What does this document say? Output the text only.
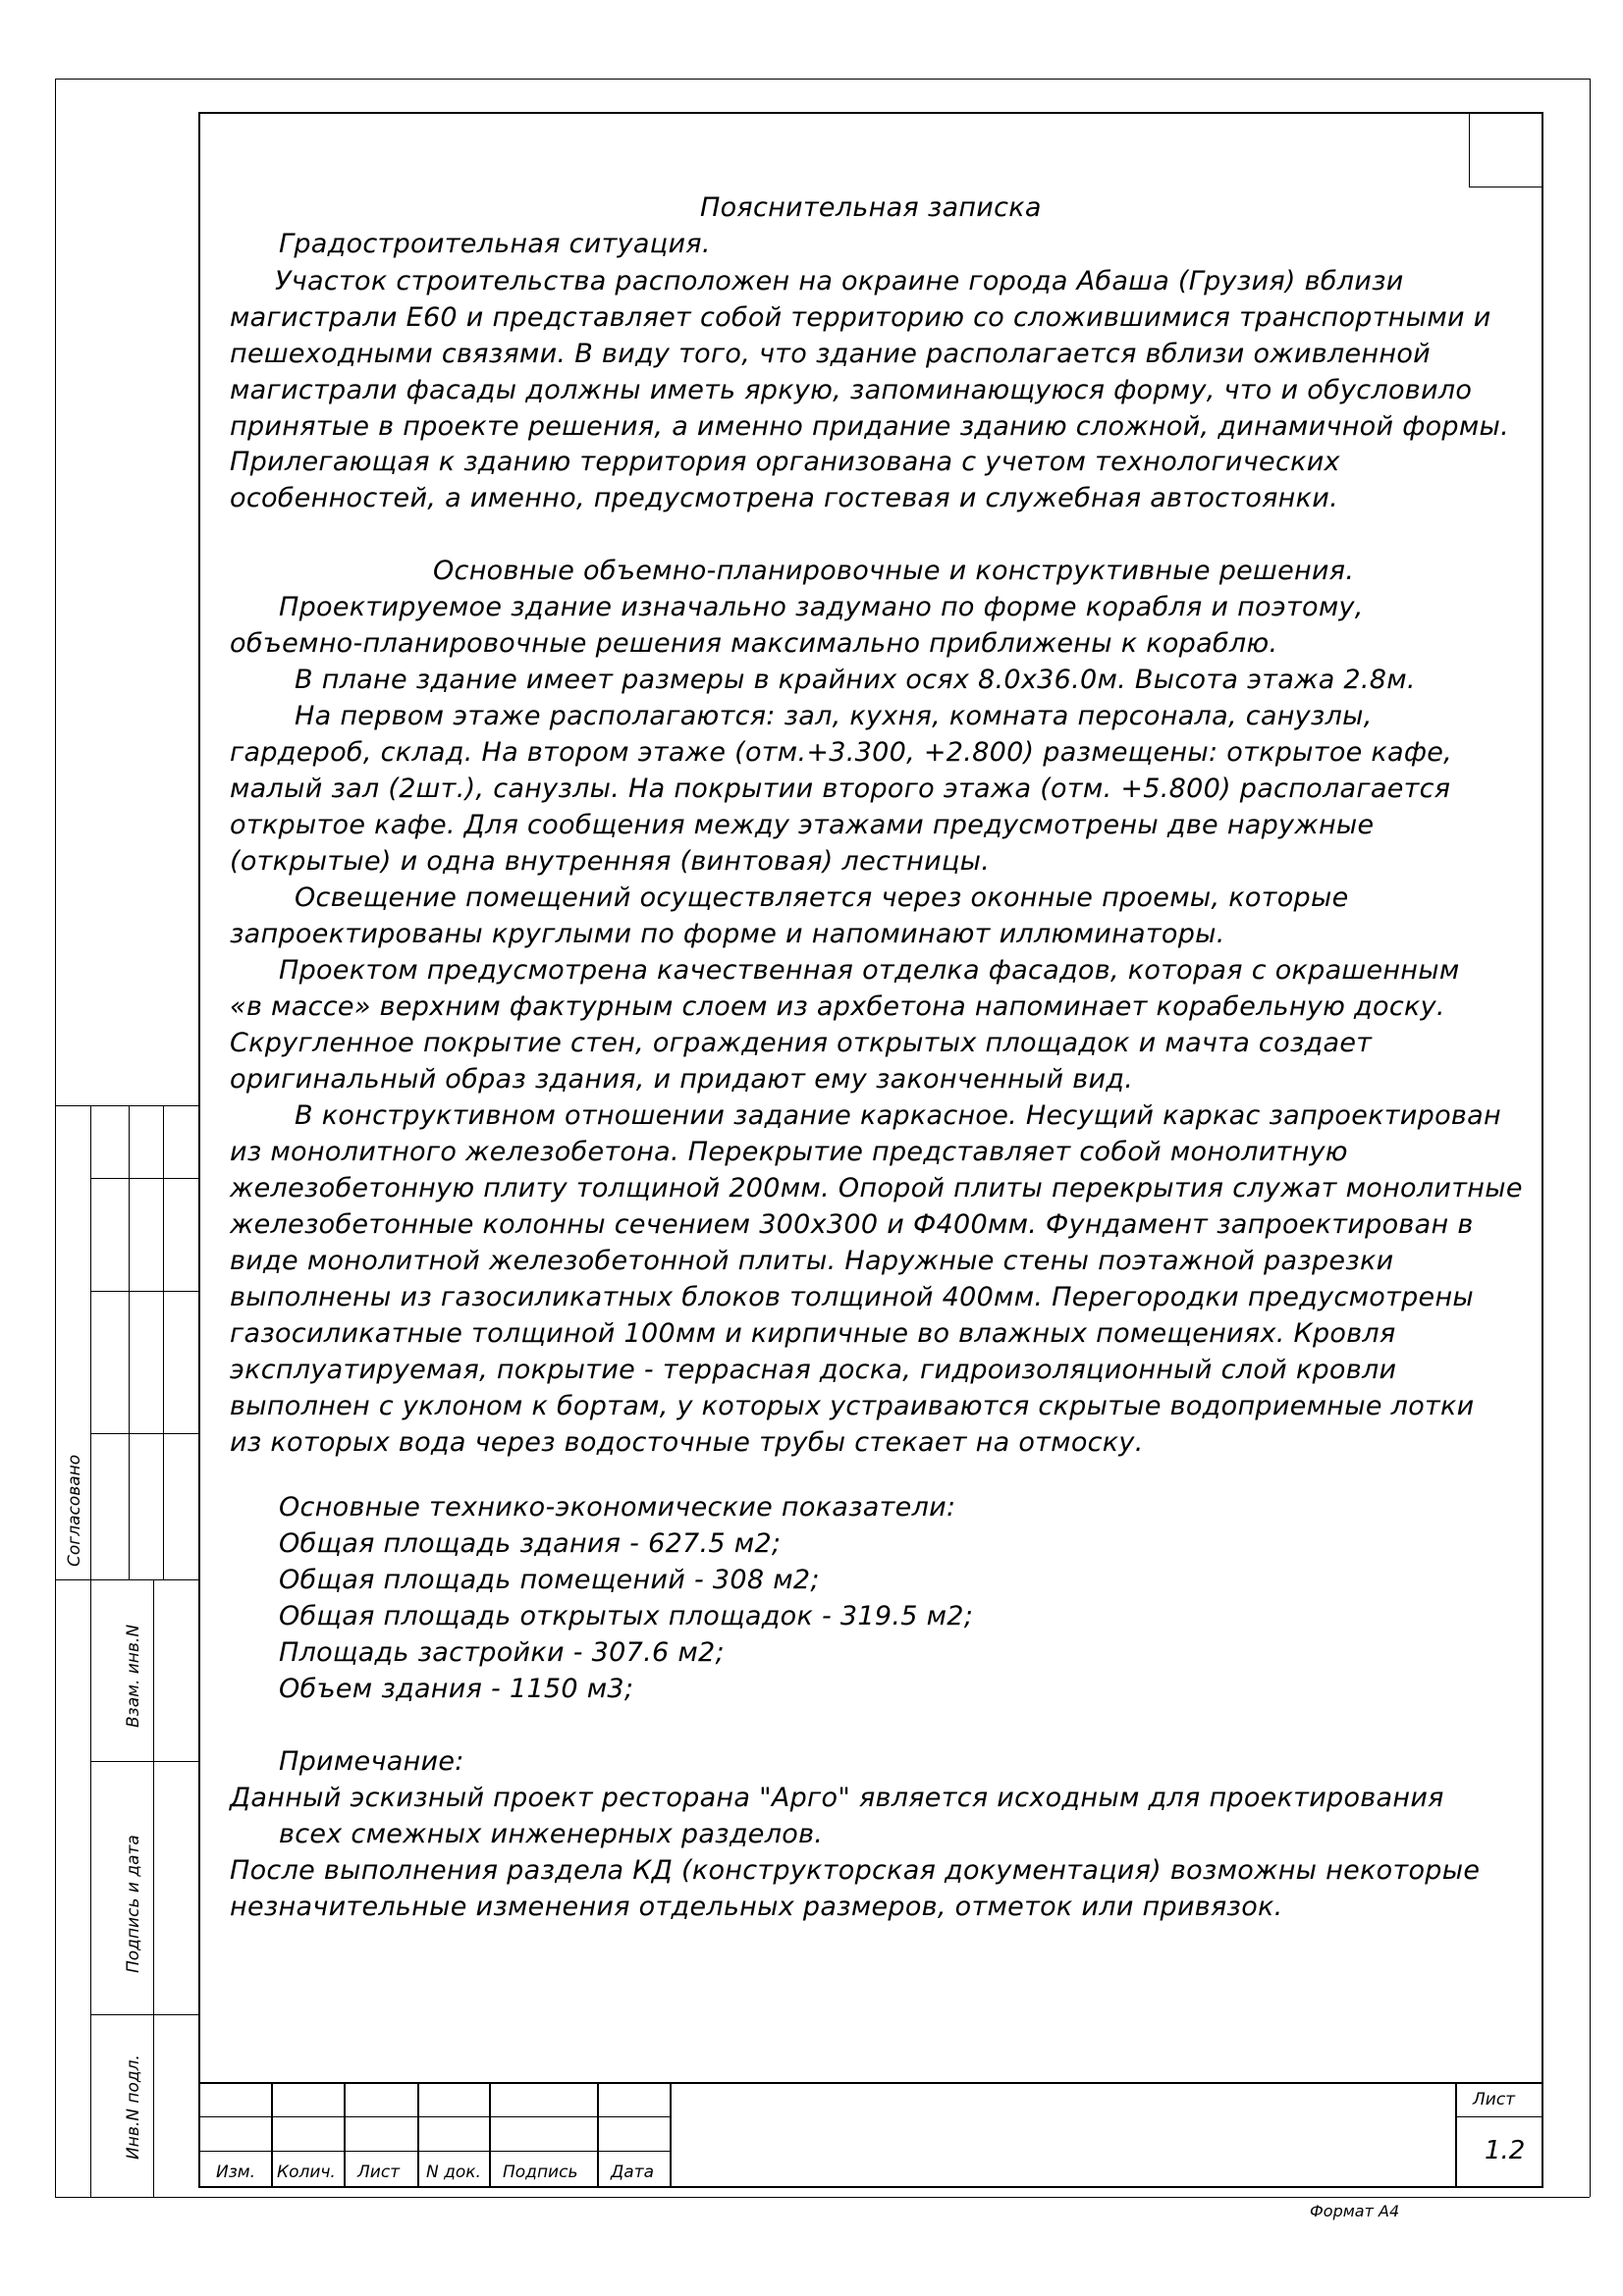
Согласовано
Взам. инв.N
Подпись и дата
Инв.N подл.
Пояснительная записка
Градостроительная ситуация.
Участок строительства расположен на окраине города Абаша (Грузия) вблизи
магистрали Е60 и представляет собой территорию со сложившимися транспортными и
пешеходными связями. В виду того, что здание располагается вблизи оживленной
магистрали фасады должны иметь яркую, запоминающуюся форму, что и обусловило
принятые в проекте решения, а именно придание зданию сложной, динамичной формы.
Прилегающая к зданию территория организована с учетом технологических
особенностей, а именно, предусмотрена гостевая и служебная автостоянки.
Основные объемно-планировочные и конструктивные решения.
Проектируемое здание изначально задумано по форме корабля и поэтому,
объемно-планировочные решения максимально приближены к кораблю.
В плане здание имеет размеры в крайних осях 8.0х36.0м. Высота этажа 2.8м.
На первом этаже располагаются: зал, кухня, комната персонала, санузлы,
гардероб, склад. На втором этаже (отм.+3.300, +2.800) размещены: открытое кафе,
малый зал (2шт.), санузлы. На покрытии второго этажа (отм. +5.800) располагается
открытое кафе. Для сообщения между этажами предусмотрены две наружные
(открытые) и одна внутренняя (винтовая) лестницы.
Освещение помещений осуществляется через оконные проемы, которые
запроектированы круглыми по форме и напоминают иллюминаторы.
Проектом предусмотрена качественная отделка фасадов, которая с окрашенным
«в массе» верхним фактурным слоем из архбетона напоминает корабельную доску.
Скругленное покрытие стен, ограждения открытых площадок и мачта создает
оригинальный образ здания, и придают ему законченный вид.
В конструктивном отношении задание каркасное. Несущий каркас запроектирован
из монолитного железобетона. Перекрытие представляет собой монолитную
железобетонную плиту толщиной 200мм. Опорой плиты перекрытия служат монолитные
железобетонные колонны сечением 300х300 и Ф400мм. Фундамент запроектирован в
виде монолитной железобетонной плиты. Наружные стены поэтажной разрезки
выполнены из газосиликатных блоков толщиной 400мм. Перегородки предусмотрены
газосиликатные толщиной 100мм и кирпичные во влажных помещениях. Кровля
эксплуатируемая, покрытие - террасная доска, гидроизоляционный слой кровли
выполнен с уклоном к бортам, у которых устраиваются скрытые водоприемные лотки
из которых вода через водосточные трубы стекает на отмоску.
Основные технико-экономические показатели:
Общая площадь здания - 627.5 м2;
Общая площадь помещений - 308 м2;
Общая площадь открытых площадок - 319.5 м2;
Площадь застройки - 307.6 м2;
Объем здания - 1150 м3;
Примечание:
Данный эскизный проект ресторана "Арго" является исходным для проектирования
всех смежных инженерных разделов.
После выполнения раздела КД (конструкторская документация) возможны некоторые
незначительные изменения отдельных размеров, отметок или привязок.
Изм. Колич. Лист N док. Подпись Дата
Лист
1.2
Формат А4
